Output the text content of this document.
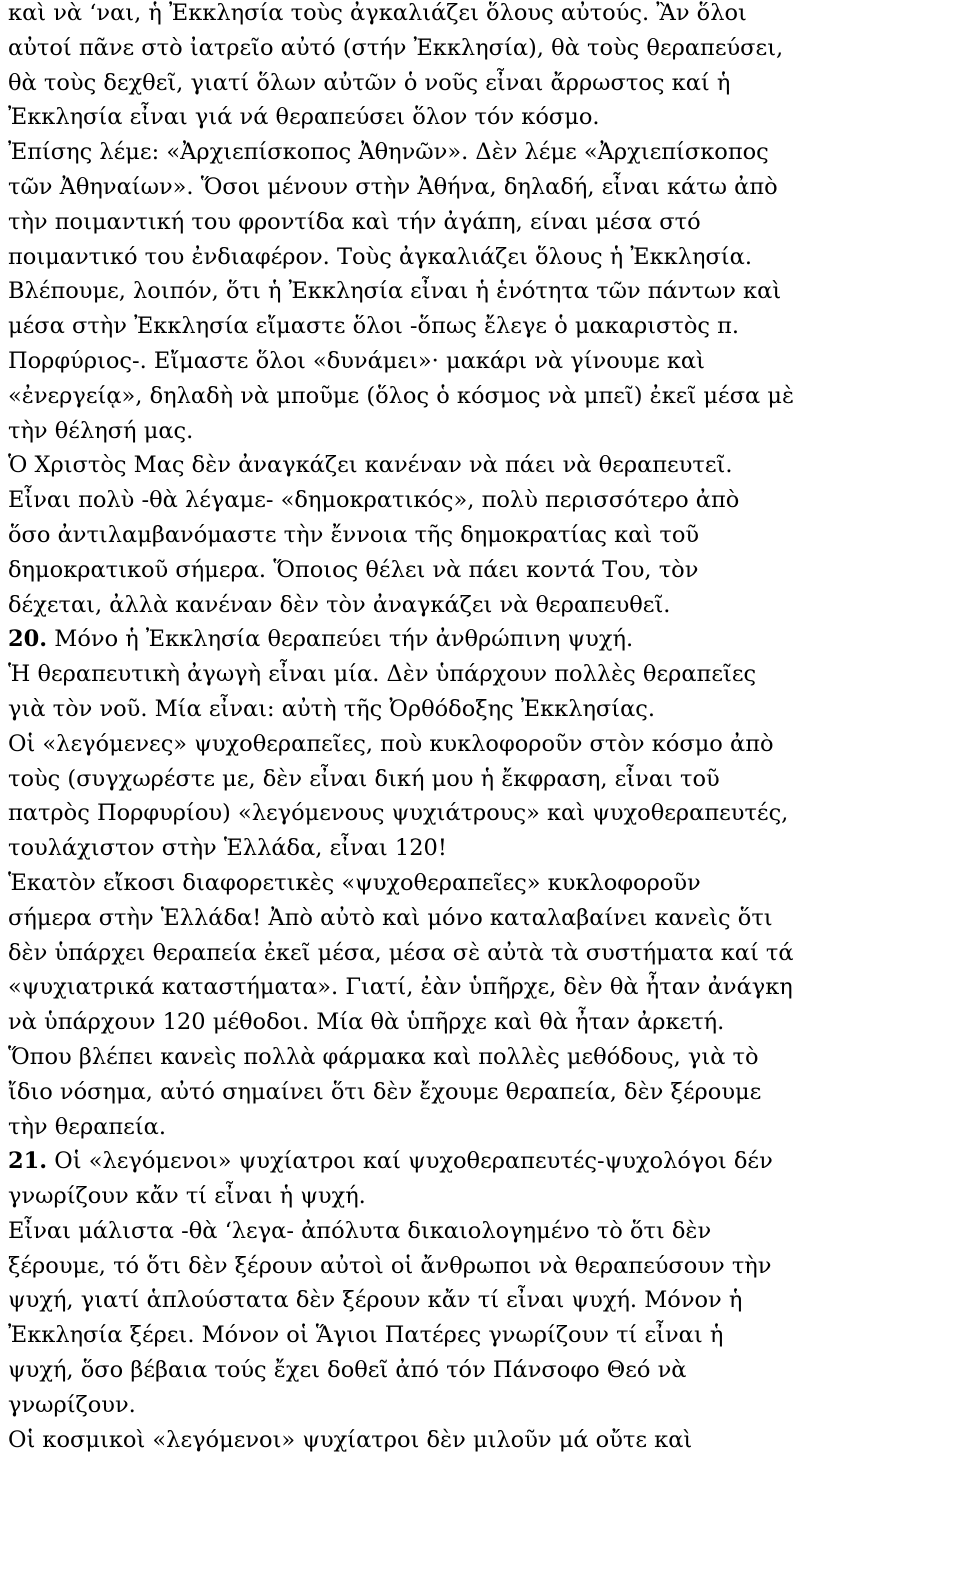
καὶ νὰ ‘ναι, ἡ Ἐκκλησία τοὺς ἀγκαλιάζει ὅλους αὐτούς. Ἂν ὅλοι
αὐτοί πᾶνε στὸ ἰατρεῖο αὐτό (στήν Ἐκκλησία), θὰ τοὺς θεραπεύσει,
θὰ τοὺς δεχθεῖ, γιατί ὅλων αὐτῶν ὁ νοῦς εἶναι ἄρρωστος καί ἡ
Ἐκκλησία εἶναι γιά νά θεραπεύσει ὅλον τόν κόσμο.
Ἐπίσης λέμε: «Ἀρχιεπίσκοπος Ἀθηνῶν». Δὲν λέμε «Ἀρχιεπίσκοπος
τῶν Ἀθηναίων». Ὅσοι μένουν στὴν Ἀθήνα, δηλαδή, εἶναι κάτω ἀπὸ
τὴν ποιμαντική του φροντίδα καὶ τήν ἀγάπη, είναι μέσα στό
ποιμαντικό του ἐνδιαφέρον. Τοὺς ἀγκαλιάζει ὅλους ἡ Ἐκκλησία.
Βλέπουμε, λοιπόν, ὅτι ἡ Ἐκκλησία εἶναι ἡ ἑνότητα τῶν πάντων καὶ
μέσα στὴν Ἐκκλησία εἴμαστε ὅλοι -ὅπως ἔλεγε ὁ μακαριστὸς π.
Πορφύριος-. Εἴμαστε ὅλοι «δυνάμει»· μακάρι νὰ γίνουμε καὶ
«ἐνεργείᾳ», δηλαδὴ νὰ μποῦμε (ὅλος ὁ κόσμος νὰ μπεῖ) ἐκεῖ μέσα μὲ
τὴν θέλησή μας.
Ὁ Χριστὸς Μας δὲν ἀναγκάζει κανέναν νὰ πάει νὰ θεραπευτεῖ.
Εἶναι πολὺ -θὰ λέγαμε- «δημοκρατικός», πολὺ περισσότερο ἀπὸ
ὅσο ἀντιλαμβανόμαστε τὴν ἔννοια τῆς δημοκρατίας καὶ τοῦ
δημοκρατικοῦ σήμερα. Ὅποιος θέλει νὰ πάει κοντά Του, τὸν
δέχεται, ἀλλὰ κανέναν δὲν τὸν ἀναγκάζει νὰ θεραπευθεῖ.
20. Μόνο ἡ Ἐκκλησία θεραπεύει τήν ἀνθρώπινη ψυχή.
Ἡ θεραπευτικὴ ἀγωγὴ εἶναι μία. Δὲν ὑπάρχουν πολλὲς θεραπεῖες
γιὰ τὸν νοῦ. Μία εἶναι: αὐτὴ τῆς Ὀρθόδοξης Ἐκκλησίας.
Οἱ «λεγόμενες» ψυχοθεραπεῖες, ποὺ κυκλοφοροῦν στὸν κόσμο ἀπὸ
τοὺς (συγχωρέστε με, δὲν εἶναι δική μου ἡ ἔκφραση, εἶναι τοῦ
πατρὸς Πορφυρίου) «λεγόμενους ψυχιάτρους» καὶ ψυχοθεραπευτές,
τουλάχιστον στὴν Ἑλλάδα, εἶναι 120!
Ἑκατὸν εἴκοσι διαφορετικὲς «ψυχοθεραπεῖες» κυκλοφοροῦν
σήμερα στὴν Ἑλλάδα! Ἀπὸ αὐτὸ καὶ μόνο καταλαβαίνει κανεὶς ὅτι
δὲν ὑπάρχει θεραπεία ἐκεῖ μέσα, μέσα σὲ αὐτὰ τὰ συστήματα καί τά
«ψυχιατρικά καταστήματα». Γιατί, ἐὰν ὑπῆρχε, δὲν θὰ ἦταν ἀνάγκη
νὰ ὑπάρχουν 120 μέθοδοι. Μία θὰ ὑπῆρχε καὶ θὰ ἦταν ἀρκετή.
Ὅπου βλέπει κανεὶς πολλὰ φάρμακα καὶ πολλὲς μεθόδους, γιὰ τὸ
ἴδιο νόσημα, αὐτό σημαίνει ὅτι δὲν ἔχουμε θεραπεία, δὲν ξέρουμε
τὴν θεραπεία.
21. Οἱ «λεγόμενοι» ψυχίατροι καί ψυχοθεραπευτές-ψυχολόγοι δέν
γνωρίζουν κἄν τί εἶναι ἡ ψυχή.
Εἶναι μάλιστα -θὰ ‘λεγα- ἀπόλυτα δικαιολογημένο τὸ ὅτι δὲν
ξέρουμε, τό ὅτι δὲν ξέρουν αὐτοὶ οἱ ἄνθρωποι νὰ θεραπεύσουν τὴν
ψυχή, γιατί ἁπλούστατα δὲν ξέρουν κἄν τί εἶναι ψυχή. Μόνον ἡ
Ἐκκλησία ξέρει. Μόνον οἱ Ἅγιοι Πατέρες γνωρίζουν τί εἶναι ἡ
ψυχή, ὅσο βέβαια τούς ἔχει δοθεῖ ἀπό τόν Πάνσοφο Θεό νὰ
γνωρίζουν.
Οἱ κοσμικοὶ «λεγόμενοι» ψυχίατροι δὲν μιλοῦν μά οὔτε καὶ
